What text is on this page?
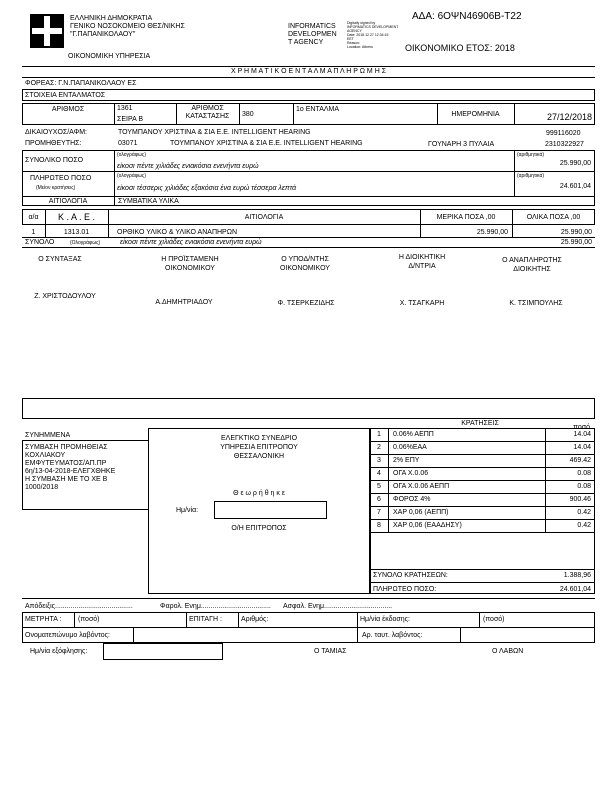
ΕΛΛΗΝΙΚΗ ΔΗΜΟΚΡΑΤΙΑ
ΓΕΝΙΚΟ ΝΟΣΟΚΟΜΕΙΟ ΘΕΣ/ΝΙΚΗΣ
"Γ.ΠΑΠΑΝΙΚΟΛΑΟΥ"
ΟΙΚΟΝΟΜΙΚΗ ΥΠΗΡΕΣΙΑ
INFORMATICS
DEVELOPMEN
T AGENCY
Digitally signed by
INFORMATICS DEVELOPMENT
AGENCY
Date: 2018.12.27 12:34:15
EET
Reason:
Location: Athens
ΑΔΑ: 6ΟΨΝ46906Β-Τ22
ΟΙΚΟΝΟΜΙΚΟ ΕΤΟΣ: 2018
Χ Ρ Η Μ Α Τ Ι Κ Ο Ε Ν Τ Α Λ Μ Α Π Λ Η Ρ Ω Μ Η Σ
ΦΟΡΕΑΣ: Γ.Ν.ΠΑΠΑΝΙΚΟΛΑΟΥ ΕΣ
ΣΤΟΙΧΕΙΑ ΕΝΤΑΛΜΑΤΟΣ
ΑΡΙΘΜΟΣ	1361
ΣΕΙΡΑ Β
ΑΡΙΘΜΟΣ
ΚΑΤΑΣΤΑΣΗΣ	380
1ο ΕΝΤΑΛΜΑ
ΗΜΕΡΟΜΗΝΙΑ	27/12/2018
ΔΙΚΑΙΟΥΧΟΣ/ΑΦΜ:	ΤΟΥΜΠΑΝΟΥ ΧΡΙΣΤΙΝΑ & ΣΙΑ Ε.Ε. INTELLIGENT HEARING	999116020
ΠΡΟΜΗΘΕΥΤΗΣ:	03071	ΤΟΥΜΠΑΝΟΥ ΧΡΙΣΤΙΝΑ & ΣΙΑ Ε.Ε. INTELLIGENT HEARING	ΓΟΥΝΑΡΗ 3 ΠΥΛΑΙΑ	2310322927
ΣΥΝΟΛΙΚΟ ΠΟΣΟ
(ολογράφως)
είκοσι πέντε χιλιάδες ενιακόσια ενενήντα ευρώ
(αριθμητικά)
25.990,00
ΠΛΗΡΩΤΕΟ ΠΟΣΟ
(Μείον κρατήσεις)
(ολογράφως)
είκοσι τέσσερις χιλιάδες εξακόσια ένα ευρώ τέσσερα λεπτά
(αριθμητικά)
24.601,04
ΑΙΤΙΟΛΟΓΙΑ	ΣΥΜΒΑΤΙΚΑ ΥΛΙΚΑ
α/α	Κ . Α . Ε .	ΑΙΤΙΟΛΟΓΙΑ	ΜΕΡΙΚΑ ΠΟΣΑ ,00	ΟΛΙΚΑ ΠΟΣΑ ,00
1	1313.01	ΟΡΘΙΚΟ ΥΛΙΚΟ & ΥΛΙΚΟ ΑΝΑΠΗΡΩΝ	25.990,00	25.990,00
ΣΥΝΟΛΟ	(Ολογράφως)	είκοσι πέντε χιλιάδες ενιακόσια ενενήντα ευρώ	25.990,00
Ο ΣΥΝΤΑΞΑΣ	Η ΠΡΟΪΣΤΑΜΕΝΗ
ΟΙΚΟΝΟΜΙΚΟΥ
Ο ΥΠΟΔ/ΝΤΗΣ
ΟΙΚΟΝΟΜΙΚΟΥ
Η ΔΙΟΙΚΗΤΙΚΗ
Δ/ΝΤΡΙΑ
Ο ΑΝΑΠΛΗΡΩΤΗΣ
ΔΙΟΙΚΗΤΗΣ
Ζ. ΧΡΙΣΤΟΔΟΥΛΟΥ
Α.ΔΗΜΗΤΡΙΑΔΟΥ	Φ. ΤΣΕΡΚΕΖΙΔΗΣ	Χ. ΤΣΑΓΚΑΡΗ	Κ. ΤΣΙΜΠΟΥΛΗΣ
ΣΥΝΗΜΜΕΝΑ
ΣΥΜΒΑΣΗ ΠΡΟΜΗΘΕΙΑΣ
ΚΟΧΛΙΑΚΟΥ
ΕΜΦΥΤΕΥΜΑΤΟΣ/ΑΠ.ΠΡ
6η/13-04-2018-ΕΛΕΓΧΘΗΚΕ
Η ΣΥΜΒΑΣΗ ΜΕ ΤΟ ΧΕ Β
1000/2018
ΕΛΕΓΚΤΙΚΟ ΣΥΝΕΔΡΙΟ
ΥΠΗΡΕΣΙΑ ΕΠΙΤΡΟΠΟΥ
ΘΕΣΣΑΛΟΝΙΚΗ
Θ ε ω ρ ή θ η κ ε
Ημ/νία:
Ο/Η ΕΠΙΤΡΟΠΟΣ
ΚΡΑΤΗΣΕΙΣ
ποσό
1	0.06% ΑΕΠΠ	14.04
2	0.06%ΕΑΑ	14.04
3	2% ΕΠΥ	469.42
4	ΟΓΑ Χ.0.06	0.08
5	ΟΓΑ Χ.0.06 ΑΕΠΠ	0.08
6	ΦΟΡΟΣ 4%	900.46
7	ΧΑΡ 0,06 (ΑΕΠΠ)	0.42
8	ΧΑΡ 0,06 (ΕΑΑΔΗΣΥ)	0.42
ΣΥΝΟΛΟ ΚΡΑΤΗΣΕΩΝ:	1.388,96
ΠΛΗΡΩΤΕΟ ΠΟΣΟ:	24.601,04
Απόδειξις........................................	Φαρολ. Ενημ.................................... Ασφαλ. Ενημ...................................
ΜΕΤΡΗΤΑ : (ποσό)	ΕΠΙΤΑΓΗ :	Αριθμός:	Ημ/νία έκδοσης:	(ποσό)
Ονοματεπώνυμο λαβόντος:	Αρ. ταυτ. λαβόντος:
Ημ/νία εξόφλησης:	Ο ΤΑΜΙΑΣ	Ο ΛΑΒΩΝ
